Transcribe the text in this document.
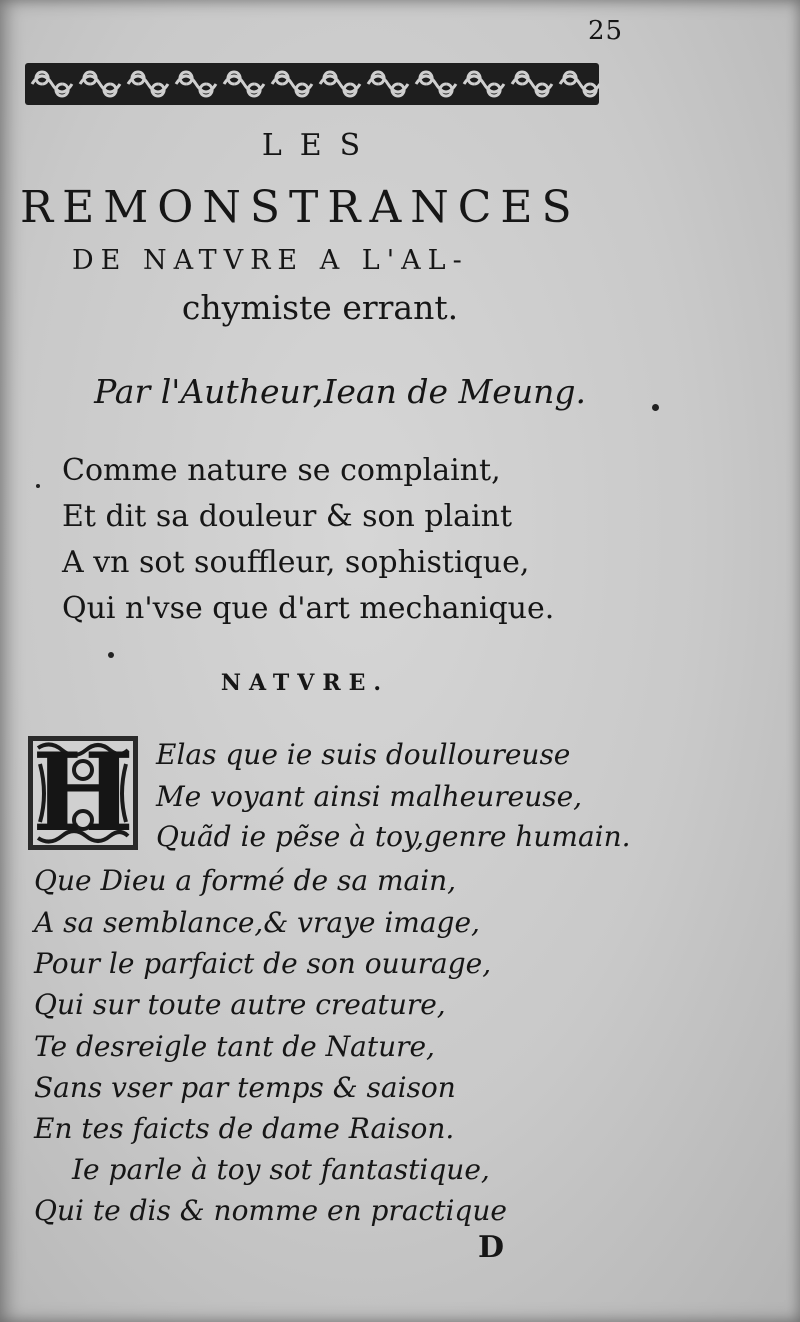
25
LES
REMONSTRANCES
DE NATVRE A L'AL-
chymiste errant.
Par l'Autheur,Iean de Meung.
Comme nature se complaint,
Et dit sa douleur & son plaint
A vn sot souffleur, sophistique,
Qui n'vse que d'art mechanique.
NATVRE.
H Elas que ie suis doulloureuse
Me voyant ainsi malheureuse,
Quãd ie pẽse à toy,genre humain.
Que Dieu a formé de sa main,
A sa semblance,& vraye image,
Pour le parfaict de son ouurage,
Qui sur toute autre creature,
Te desreigle tant de Nature,
Sans vser par temps & saison
En tes faicts de dame Raison.
Ie parle à toy sot fantastique,
Qui te dis & nomme en practique
D
